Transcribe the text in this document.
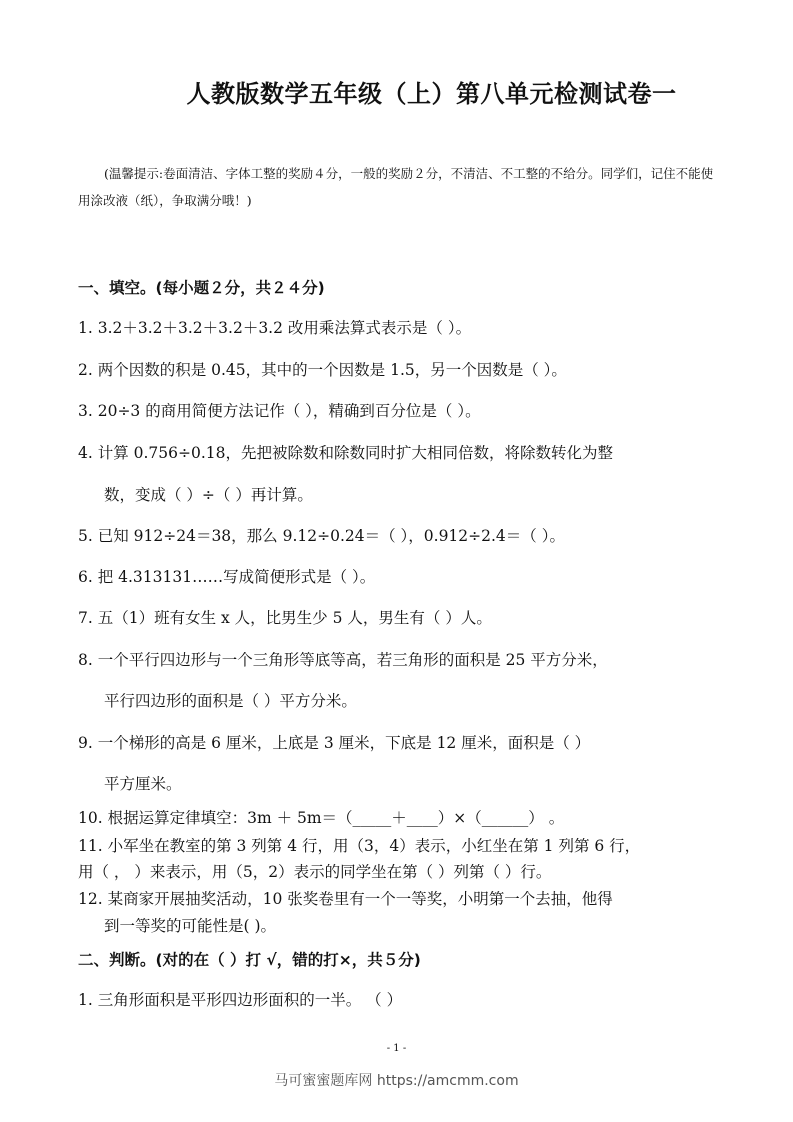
人教版数学五年级（上）第八单元检测试卷一
(温馨提示:卷面清洁、字体工整的奖励４分，一般的奖励２分，不清洁、不工整的不给分。同学们，记住不能使用涂改液（纸），争取满分哦！)
一、填空。(每小题２分，共２４分)
1. 3.2＋3.2＋3.2＋3.2＋3.2 改用乘法算式表示是（ ）。
2. 两个因数的积是 0.45，其中的一个因数是 1.5，另一个因数是（ ）。
3. 20÷3 的商用简便方法记作（ ），精确到百分位是（ ）。
4. 计算 0.756÷0.18，先把被除数和除数同时扩大相同倍数，将除数转化为整
数，变成（ ）÷（ ）再计算。
5. 已知 912÷24＝38，那么 9.12÷0.24＝（ ），0.912÷2.4＝（ ）。
6. 把 4.313131……写成简便形式是（ ）。
7. 五（1）班有女生 x 人，比男生少 5 人，男生有（ ）人。
8. 一个平行四边形与一个三角形等底等高，若三角形的面积是 25 平方分米，
平行四边形的面积是（ ）平方分米。
9. 一个梯形的高是 6 厘米，上底是 3 厘米，下底是 12 厘米，面积是（ ）
平方厘米。
10. 根据运算定律填空：3m ＋ 5m＝（_____＋____）×（______） 。
11. 小军坐在教室的第 3 列第 4 行，用（3，4）表示，小红坐在第 1 列第 6 行，
用（ ， ）来表示，用（5，2）表示的同学坐在第（ ）列第（ ）行。
12. 某商家开展抽奖活动，10 张奖卷里有一个一等奖，小明第一个去抽，他得
到一等奖的可能性是( )。
二、判断。(对的在（ ）打 √，错的打×，共５分)
1. 三角形面积是平形四边形面积的一半。 （ ）
- 1 -
马可蜜蜜题库网 https://amcmm.com
